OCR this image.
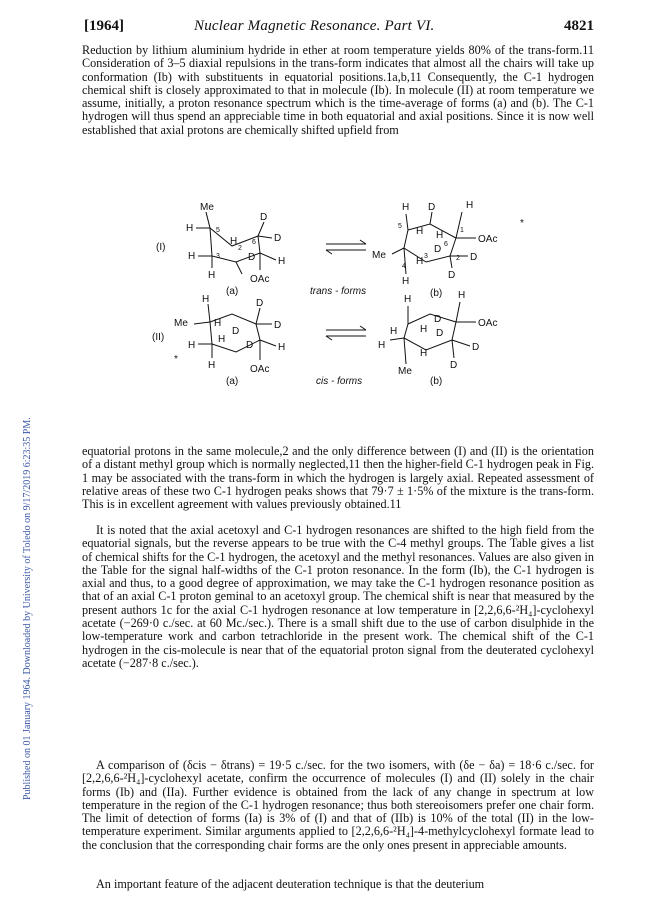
[1964]	Nuclear Magnetic Resonance. Part VI.	4821
Published on 01 January 1964. Downloaded by University of Toledo on 9/17/2019 6:23:35 PM.

Reduction by lithium aluminium hydride in ether at room temperature yields 80% of the trans-form.11 Consideration of 3–5 diaxial repulsions in the trans-form indicates that almost all the chairs will take up conformation (Ib) with substituents in equatorial positions.1a,b,11 Consequently, the C-1 hydrogen chemical shift is closely approximated to that in molecule (Ib). In molecule (II) at room temperature we assume, initially, a proton resonance spectrum which is the time-average of forms (a) and (b). The C-1 hydrogen will thus spend an appreciable time in both equatorial and axial positions. Since it is now well established that axial protons are chemically shifted upfield from

(I)
(II)
*
*
Me
H	5
D
D
6
2
H
H	3
H
D H
OAc
(a)
H
OAc
1
H D
5 H H
6
D
Me	3
H
4
2 D
D
H
(b)
trans - forms
H
Me	H
D
D
D
H
H
H
D H
OAc
(a)
H
OAc
H
D
H H D
D
H
H
D
Me
(b)
cis - forms

equatorial protons in the same molecule,2 and the only difference between (I) and (II) is the orientation of a distant methyl group which is normally neglected,11 then the higher-field C-1 hydrogen peak in Fig. 1 may be associated with the trans-form in which the hydrogen is largely axial. Repeated assessment of relative areas of these two C-1 hydrogen peaks shows that 79·7 ± 1·5% of the mixture is the trans-form. This is in excellent agreement with values previously obtained.11

It is noted that the axial acetoxyl and C-1 hydrogen resonances are shifted to the high field from the equatorial signals, but the reverse appears to be true with the C-4 methyl groups. The Table gives a list of chemical shifts for the C-1 hydrogen, the acetoxyl and the methyl resonances. Values are also given in the Table for the signal half-widths of the C-1 proton resonance. In the form (Ib), the C-1 hydrogen is axial and thus, to a good degree of approximation, we may take the C-1 hydrogen resonance position as that of an axial C-1 proton geminal to an acetoxyl group. The chemical shift is near that measured by the present authors 1c for the axial C-1 hydrogen resonance at low temperature in [2,2,6,6-²H₄]-cyclohexyl acetate (−269·0 c./sec. at 60 Mc./sec.). There is a small shift due to the use of carbon disulphide in the low-temperature work and carbon tetrachloride in the present work. The chemical shift of the C-1 hydrogen in the cis-molecule is near that of the equatorial proton signal from the deuterated cyclohexyl acetate (−287·8 c./sec.).

A comparison of (δcis − δtrans) = 19·5 c./sec. for the two isomers, with (δe − δa) = 18·6 c./sec. for [2,2,6,6-²H₄]-cyclohexyl acetate, confirm the occurrence of molecules (I) and (II) solely in the chair forms (Ib) and (IIa). Further evidence is obtained from the lack of any change in spectrum at low temperature in the region of the C-1 hydrogen resonance; thus both stereoisomers prefer one chair form. The limit of detection of forms (Ia) is 3% of (I) and that of (IIb) is 10% of the total (II) in the low-temperature experiment. Similar arguments applied to [2,2,6,6-²H₄]-4-methylcyclohexyl formate lead to the conclusion that the corresponding chair forms are the only ones present in appreciable amounts.

An important feature of the adjacent deuteration technique is that the deuterium
